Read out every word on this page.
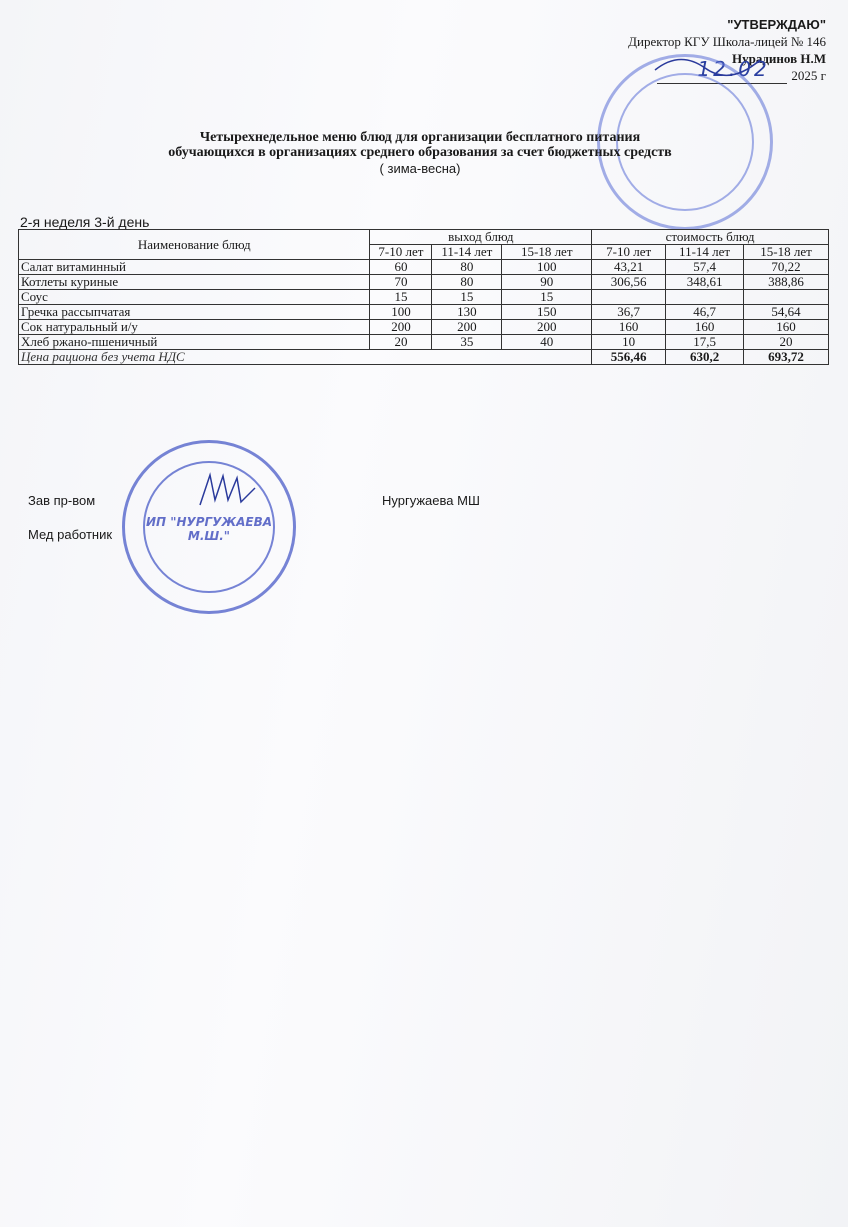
"УТВЕРЖДАЮ"
Директор КГУ Школа-лицей № 146
Нурадинов Н.М
12.02 2025 г
Четырехнедельное меню блюд для организации бесплатного питания
обучающихся в организациях среднего образования за счет бюджетных средств
( зима-весна)
2-я неделя 3-й день
Наименование блюд	выход блюд			стоимость блюд		
	7-10 лет	11-14 лет	15-18 лет	7-10 лет	11-14 лет	15-18 лет
Салат витаминный	60	80	100	43,21	57,4	70,22
Котлеты куриные	70	80	90	306,56	348,61	388,86
Соус	15	15	15			
Гречка рассыпчатая	100	130	150	36,7	46,7	54,64
Сок натуральный и/у	200	200	200	160	160	160
Хлеб ржано-пшеничный	20	35	40	10	17,5	20
Цена рациона без учета НДС				556,46	630,2	693,72
ИП "НУРГУЖАЕВА М.Ш."
Зав пр-вом	Нургужаева МШ
Мед работник
